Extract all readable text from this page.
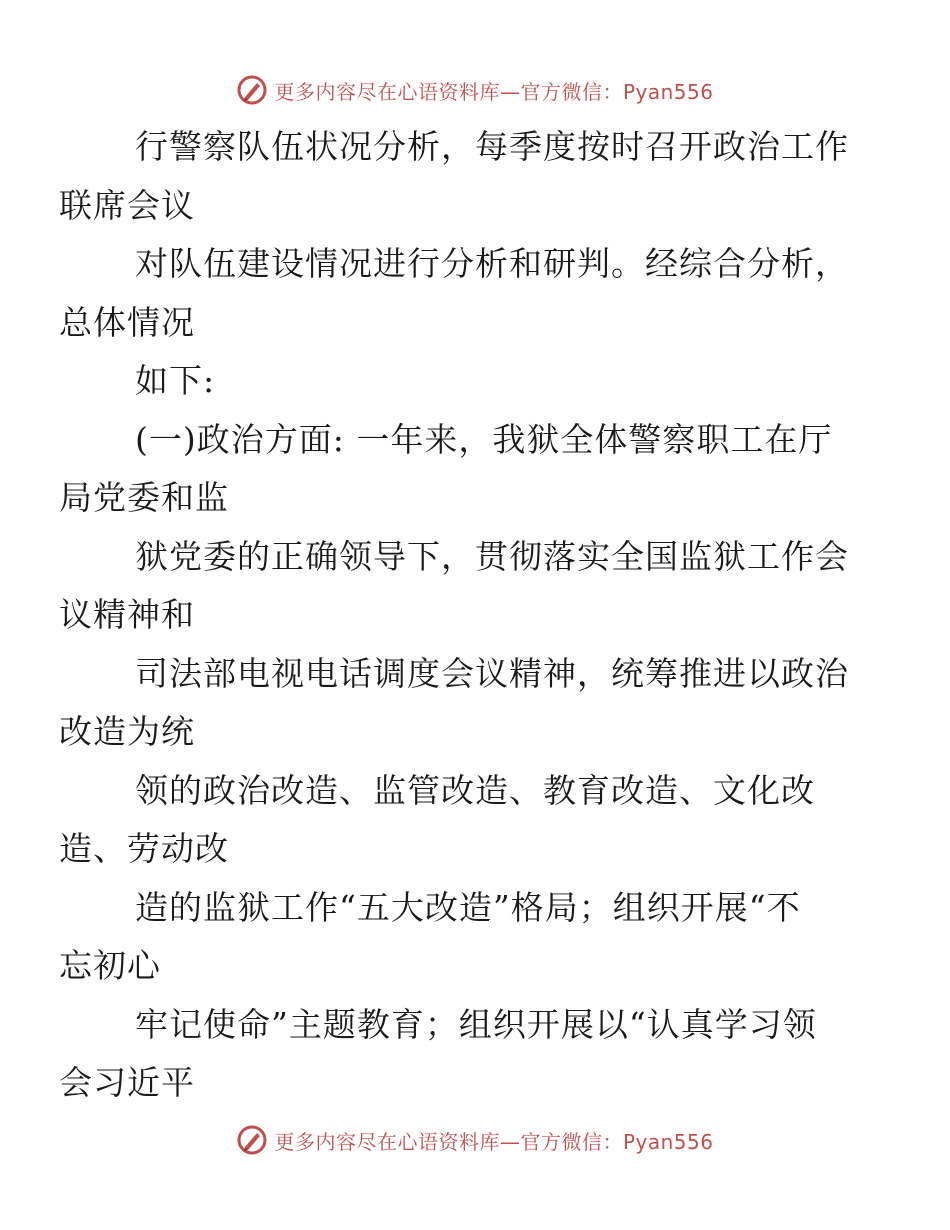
更多内容尽在心语资料库—官方微信：Pyan556

行警察队伍状况分析，每季度按时召开政治工作
联席会议

对队伍建设情况进行分析和研判。经综合分析，
总体情况

如下:

(一)政治方面: 一年来，我狱全体警察职工在厅
局党委和监

狱党委的正确领导下，贯彻落实全国监狱工作会
议精神和

司法部电视电话调度会议精神，统筹推进以政治
改造为统

领的政治改造、监管改造、教育改造、文化改
造、劳动改

造的监狱工作“五大改造”格局；组织开展“不
忘初心

牢记使命”主题教育；组织开展以“认真学习领
会习近平

更多内容尽在心语资料库—官方微信：Pyan556
